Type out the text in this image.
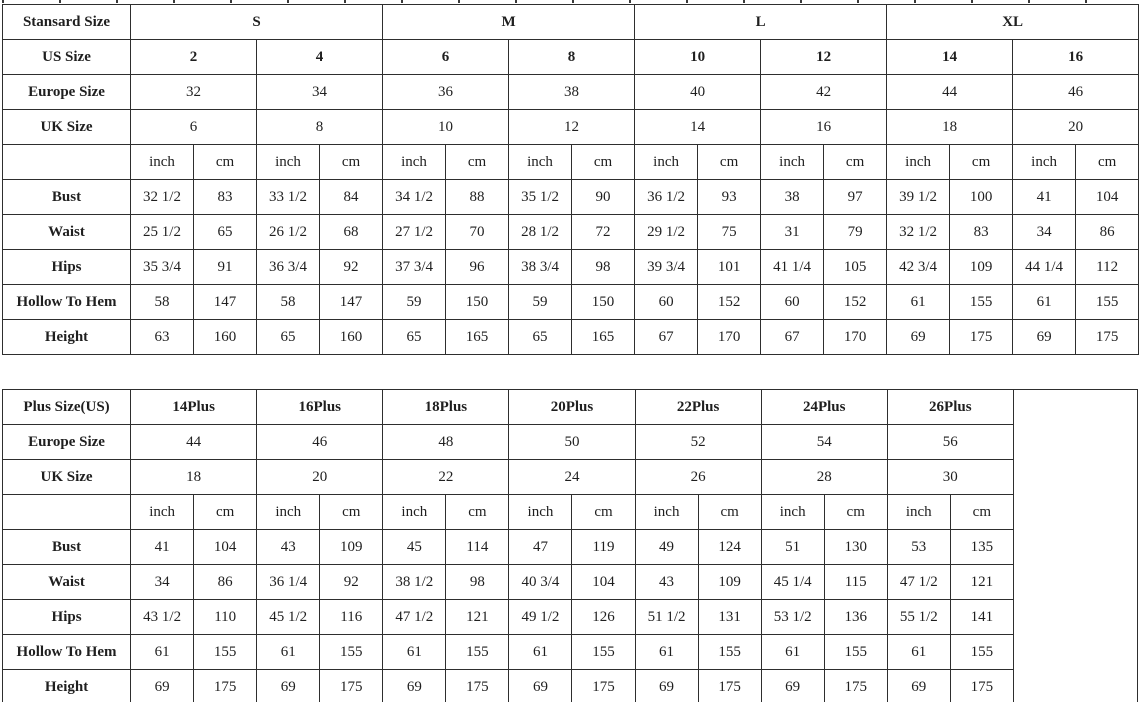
Stansard Size	S				M				L				XL			
US Size	2		4		6		8		10		12		14		16	
Europe Size	32		34		36		38		40		42		44		46	
UK Size	6		8		10		12		14		16		18		20	
	inch	cm	inch	cm	inch	cm	inch	cm	inch	cm	inch	cm	inch	cm	inch	cm
Bust	32 1/2	83	33 1/2	84	34 1/2	88	35 1/2	90	36 1/2	93	38	97	39 1/2	100	41	104
Waist	25 1/2	65	26 1/2	68	27 1/2	70	28 1/2	72	29 1/2	75	31	79	32 1/2	83	34	86
Hips	35 3/4	91	36 3/4	92	37 3/4	96	38 3/4	98	39 3/4	101	41 1/4	105	42 3/4	109	44 1/4	112
Hollow To Hem	58	147	58	147	59	150	59	150	60	152	60	152	61	155	61	155
Height	63	160	65	160	65	165	65	165	67	170	67	170	69	175	69	175
Plus Size(US)	14Plus		16Plus		18Plus		20Plus		22Plus		24Plus		26Plus		
Europe Size	44		46		48		50		52		54		56		
UK Size	18		20		22		24		26		28		30		
	inch	cm	inch	cm	inch	cm	inch	cm	inch	cm	inch	cm	inch	cm	
Bust	41	104	43	109	45	114	47	119	49	124	51	130	53	135	
Waist	34	86	36 1/4	92	38 1/2	98	40 3/4	104	43	109	45 1/4	115	47 1/2	121	
Hips	43 1/2	110	45 1/2	116	47 1/2	121	49 1/2	126	51 1/2	131	53 1/2	136	55 1/2	141	
Hollow To Hem	61	155	61	155	61	155	61	155	61	155	61	155	61	155	
Height	69	175	69	175	69	175	69	175	69	175	69	175	69	175	
